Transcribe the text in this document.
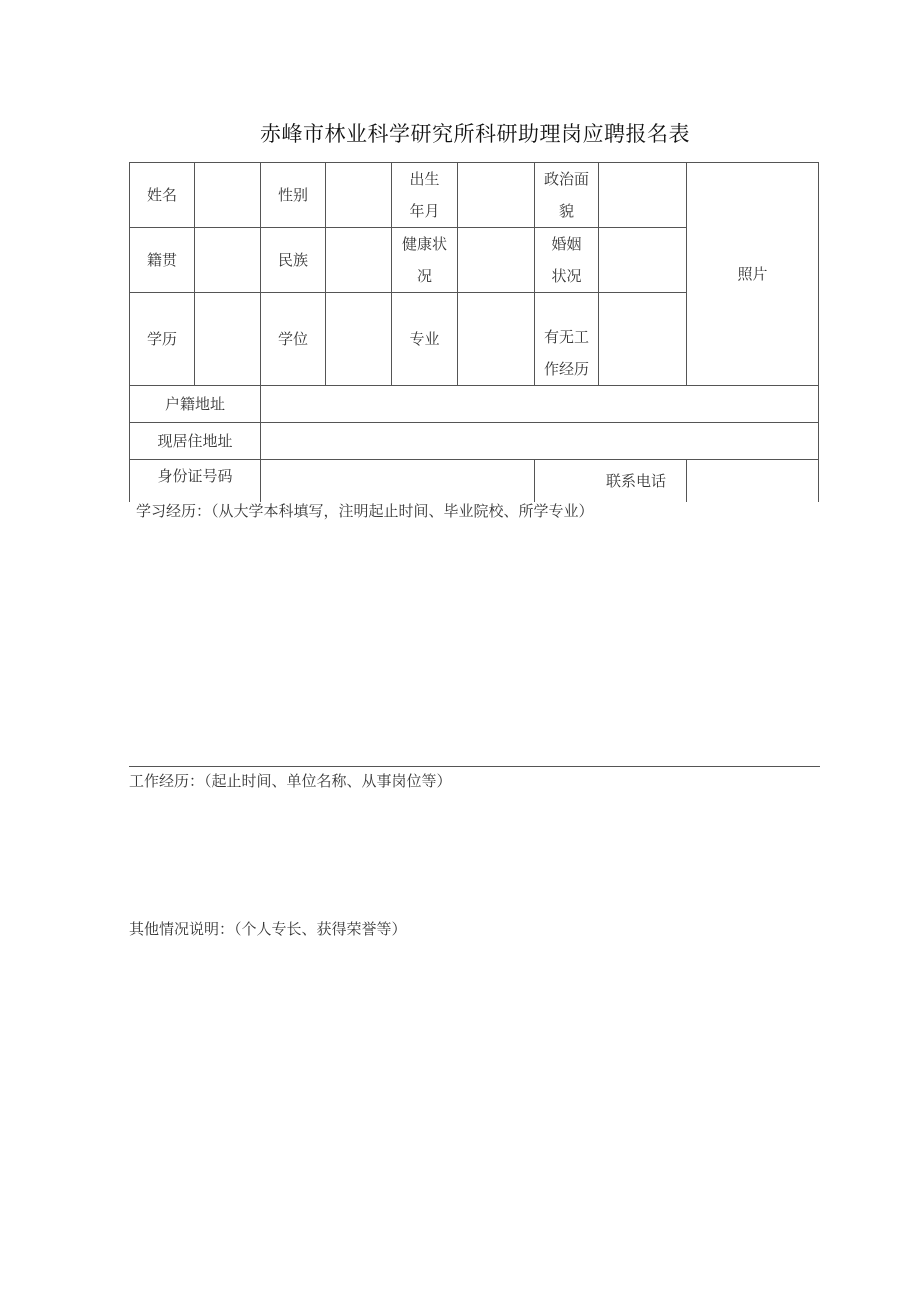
赤峰市林业科学研究所科研助理岗应聘报名表
姓名		性别		出生年月		政治面貌		照片
籍贯		民族		健康状况		婚姻状况		
学历		学位		专业		有无工作经历		
户籍地址								
现居住地址								
身份证号码						联系电话		
学习经历：（从大学本科填写，注明起止时间、毕业院校、所学专业）
工作经历：（起止时间、单位名称、从事岗位等）
其他情况说明：（个人专长、获得荣誉等）
